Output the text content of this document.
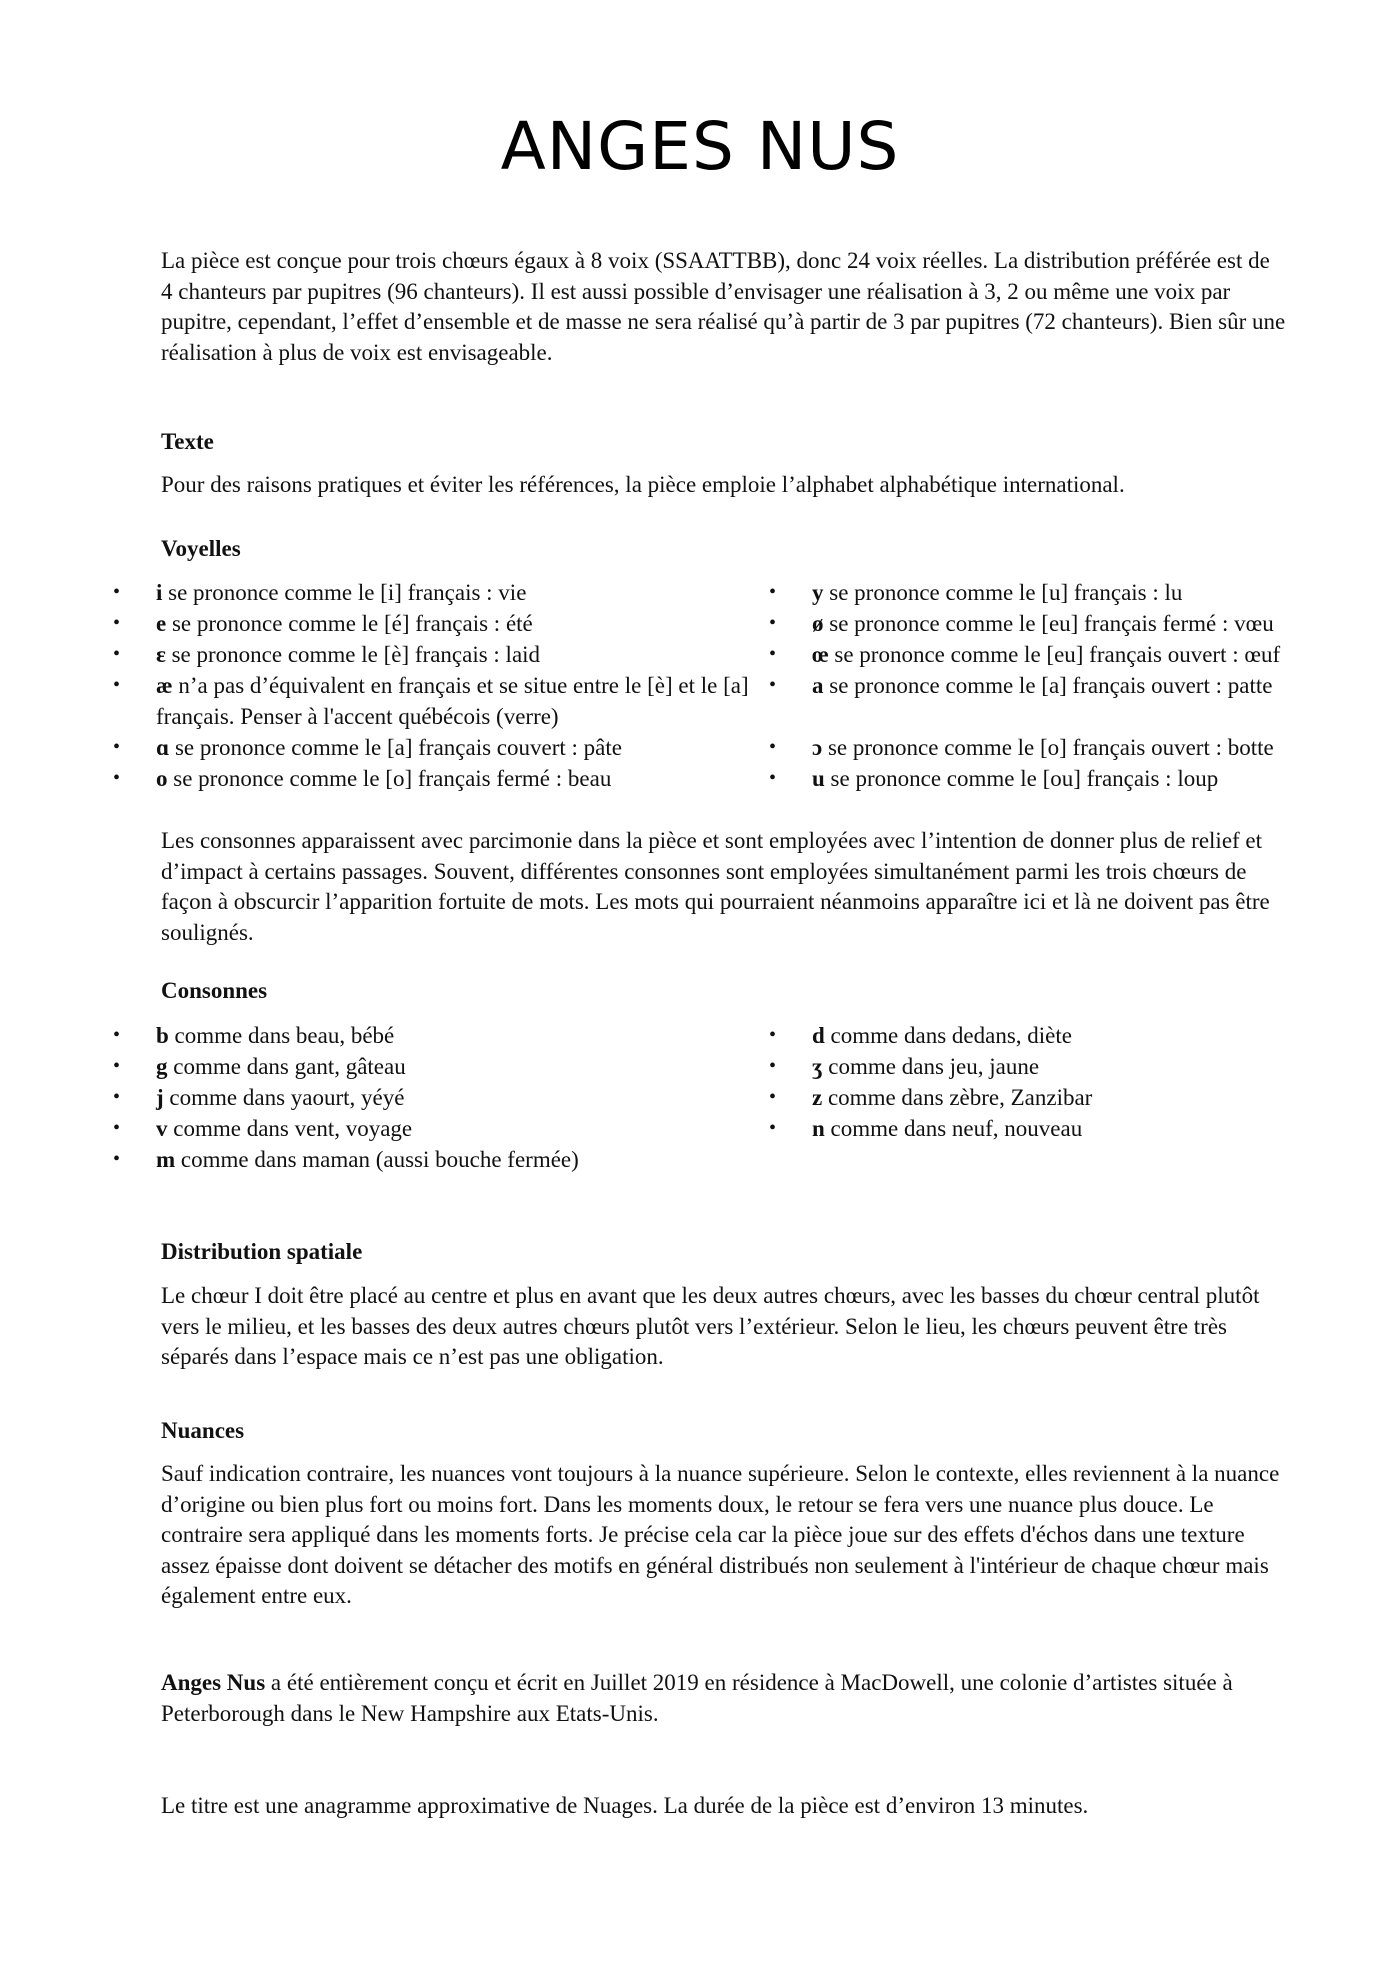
ANGES NUS

La pièce est conçue pour trois chœurs égaux à 8 voix (SSAATTBB), donc 24 voix réelles. La distribution préférée est de 4 chanteurs par pupitres (96 chanteurs). Il est aussi possible d’envisager une réalisation à 3, 2 ou même une voix par pupitre, cependant, l’effet d’ensemble et de masse ne sera réalisé qu’à partir de 3 par pupitres (72 chanteurs). Bien sûr une réalisation à plus de voix est envisageable.

Texte

Pour des raisons pratiques et éviter les références, la pièce emploie l’alphabet alphabétique international.

Voyelles

• i se prononce comme le [i] français : vie
• e se prononce comme le [é] français : été
• ɛ se prononce comme le [è] français : laid
• æ n’a pas d’équivalent en français et se situe entre le [è] et le [a] français. Penser à l'accent québécois (verre)
• ɑ se prononce comme le [a] français couvert : pâte
• o se prononce comme le [o] français fermé : beau
• y se prononce comme le [u] français : lu
• ø se prononce comme le [eu] français fermé : vœu
• œ se prononce comme le [eu] français ouvert : œuf
• a se prononce comme le [a] français ouvert : patte
• ɔ se prononce comme le [o] français ouvert : botte
• u se prononce comme le [ou] français : loup

Les consonnes apparaissent avec parcimonie dans la pièce et sont employées avec l’intention de donner plus de relief et d’impact à certains passages. Souvent, différentes consonnes sont employées simultanément parmi les trois chœurs de façon à obscurcir l’apparition fortuite de mots. Les mots qui pourraient néanmoins apparaître ici et là ne doivent pas être soulignés.

Consonnes

• b comme dans beau, bébé
• g comme dans gant, gâteau
• j comme dans yaourt, yéyé
• v comme dans vent, voyage
• m comme dans maman (aussi bouche fermée)
• d comme dans dedans, diète
• ʒ comme dans jeu, jaune
• z comme dans zèbre, Zanzibar
• n comme dans neuf, nouveau

Distribution spatiale

Le chœur I doit être placé au centre et plus en avant que les deux autres chœurs, avec les basses du chœur central plutôt vers le milieu, et les basses des deux autres chœurs plutôt vers l’extérieur. Selon le lieu, les chœurs peuvent être très séparés dans l’espace mais ce n’est pas une obligation.

Nuances

Sauf indication contraire, les nuances vont toujours à la nuance supérieure. Selon le contexte, elles reviennent à la nuance d’origine ou bien plus fort ou moins fort. Dans les moments doux, le retour se fera vers une nuance plus douce. Le contraire sera appliqué dans les moments forts. Je précise cela car la pièce joue sur des effets d'échos dans une texture assez épaisse dont doivent se détacher des motifs en général distribués non seulement à l'intérieur de chaque chœur mais également entre eux.

Anges Nus a été entièrement conçu et écrit en Juillet 2019 en résidence à MacDowell, une colonie d’artistes située à Peterborough dans le New Hampshire aux Etats-Unis.

Le titre est une anagramme approximative de Nuages. La durée de la pièce est d’environ 13 minutes.
